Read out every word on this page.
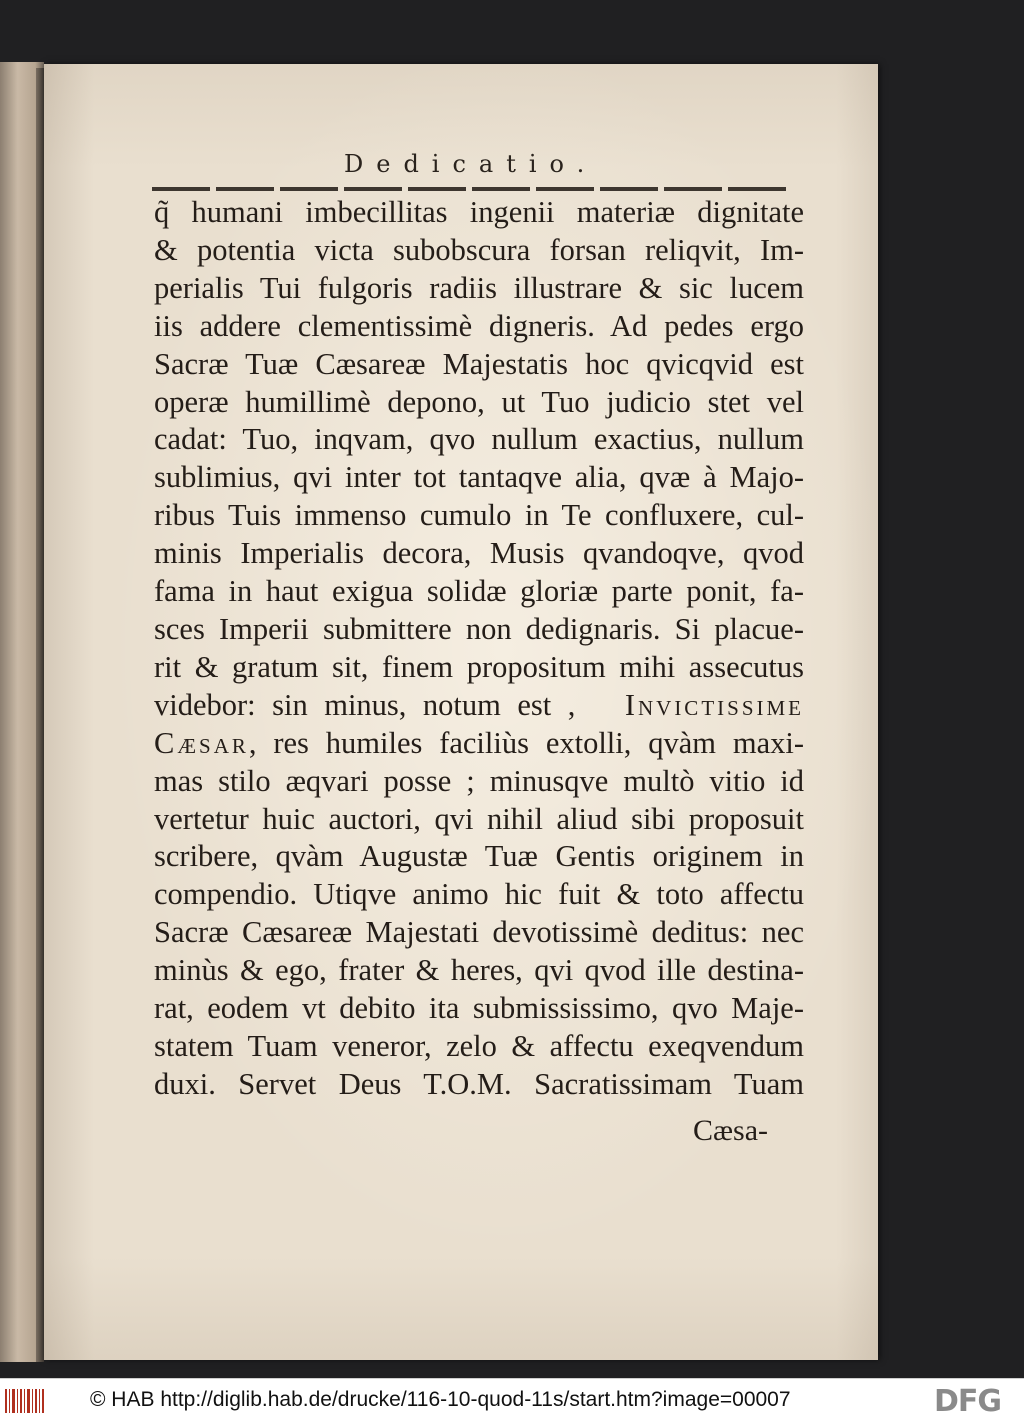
Dedicatio.
q̃ humani imbecillitas ingenii materiæ dignitate
& potentia victa subobscura forsan reliqvit, Im-
perialis Tui fulgoris radiis illustrare & sic lucem
iis addere clementissimè digneris. Ad pedes ergo
Sacræ Tuæ Cæsareæ Majestatis hoc qvicqvid est
operæ humillimè depono, ut Tuo judicio stet vel
cadat: Tuo, inqvam, qvo nullum exactius, nullum
sublimius, qvi inter tot tantaqve alia, qvæ à Majo-
ribus Tuis immenso cumulo in Te confluxere, cul-
minis Imperialis decora, Musis qvandoqve, qvod
fama in haut exigua solidæ gloriæ parte ponit, fa-
sces Imperii submittere non dedignaris. Si placue-
rit & gratum sit, finem propositum mihi assecutus
videbor: sin minus, notum est , Invictissime
Cæsar, res humiles faciliùs extolli, qvàm maxi-
mas stilo æqvari posse ; minusqve multò vitio id
vertetur huic auctori, qvi nihil aliud sibi proposuit
scribere, qvàm Augustæ Tuæ Gentis originem in
compendio. Utiqve animo hic fuit & toto affectu
Sacræ Cæsareæ Majestati devotissimè deditus: nec
minùs & ego, frater & heres, qvi qvod ille destina-
rat, eodem vt debito ita submississimo, qvo Maje-
statem Tuam veneror, zelo & affectu exeqvendum
duxi. Servet Deus T.O.M. Sacratissimam Tuam
Cæsa-
© HAB http://diglib.hab.de/drucke/116-10-quod-11s/start.htm?image=00007	DFG
